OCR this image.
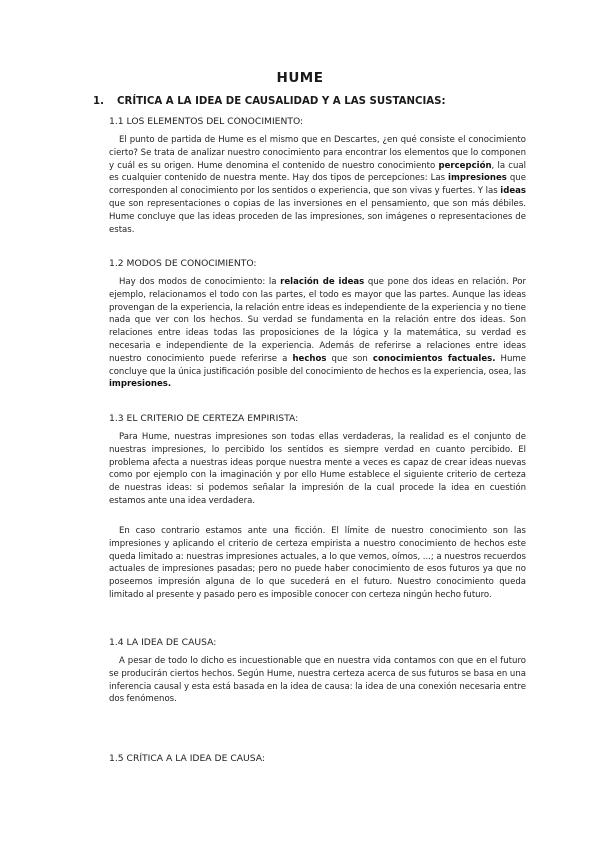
HUME
1. CRÍTICA A LA IDEA DE CAUSALIDAD Y A LAS SUSTANCIAS:
1.1 LOS ELEMENTOS DEL CONOCIMIENTO:
El punto de partida de Hume es el mismo que en Descartes, ¿en qué consiste el conocimiento cierto? Se trata de analizar nuestro conocimiento para encontrar los elementos que lo componen y cuál es su origen. Hume denomina el contenido de nuestro conocimiento percepción, la cual es cualquier contenido de nuestra mente. Hay dos tipos de percepciones: Las impresiones que corresponden al conocimiento por los sentidos o experiencia, que son vivas y fuertes. Y las ideas que son representaciones o copias de las inversiones en el pensamiento, que son más débiles. Hume concluye que las ideas proceden de las impresiones, son imágenes o representaciones de estas.
1.2 MODOS DE CONOCIMIENTO:
Hay dos modos de conocimiento: la relación de ideas que pone dos ideas en relación. Por ejemplo, relacionamos el todo con las partes, el todo es mayor que las partes. Aunque las ideas provengan de la experiencia, la relación entre ideas es independiente de la experiencia y no tiene nada que ver con los hechos. Su verdad se fundamenta en la relación entre dos ideas. Son relaciones entre ideas todas las proposiciones de la lógica y la matemática, su verdad es necesaria e independiente de la experiencia. Además de referirse a relaciones entre ideas nuestro conocimiento puede referirse a hechos que son conocimientos factuales. Hume concluye que la única justificación posible del conocimiento de hechos es la experiencia, osea, las impresiones.
1.3 EL CRITERIO DE CERTEZA EMPIRISTA:
Para Hume, nuestras impresiones son todas ellas verdaderas, la realidad es el conjunto de nuestras impresiones, lo percibido los sentidos es siempre verdad en cuanto percibido. El problema afecta a nuestras ideas porque nuestra mente a veces es capaz de crear ideas nuevas como por ejemplo con la imaginación y por ello Hume establece el siguiente criterio de certeza de nuestras ideas: si podemos señalar la impresión de la cual procede la idea en cuestión estamos ante una idea verdadera.
En caso contrario estamos ante una ficción. El límite de nuestro conocimiento son las impresiones y aplicando el criterio de certeza empirista a nuestro conocimiento de hechos este queda limitado a: nuestras impresiones actuales, a lo que vemos, oímos, ...; a nuestros recuerdos actuales de impresiones pasadas; pero no puede haber conocimiento de esos futuros ya que no poseemos impresión alguna de lo que sucederá en el futuro. Nuestro conocimiento queda limitado al presente y pasado pero es imposible conocer con certeza ningún hecho futuro.
1.4 LA IDEA DE CAUSA:
A pesar de todo lo dicho es incuestionable que en nuestra vida contamos con que en el futuro se producirán ciertos hechos. Según Hume, nuestra certeza acerca de sus futuros se basa en una inferencia causal y esta está basada en la idea de causa: la idea de una conexión necesaria entre dos fenómenos.
1.5 CRÍTICA A LA IDEA DE CAUSA:
